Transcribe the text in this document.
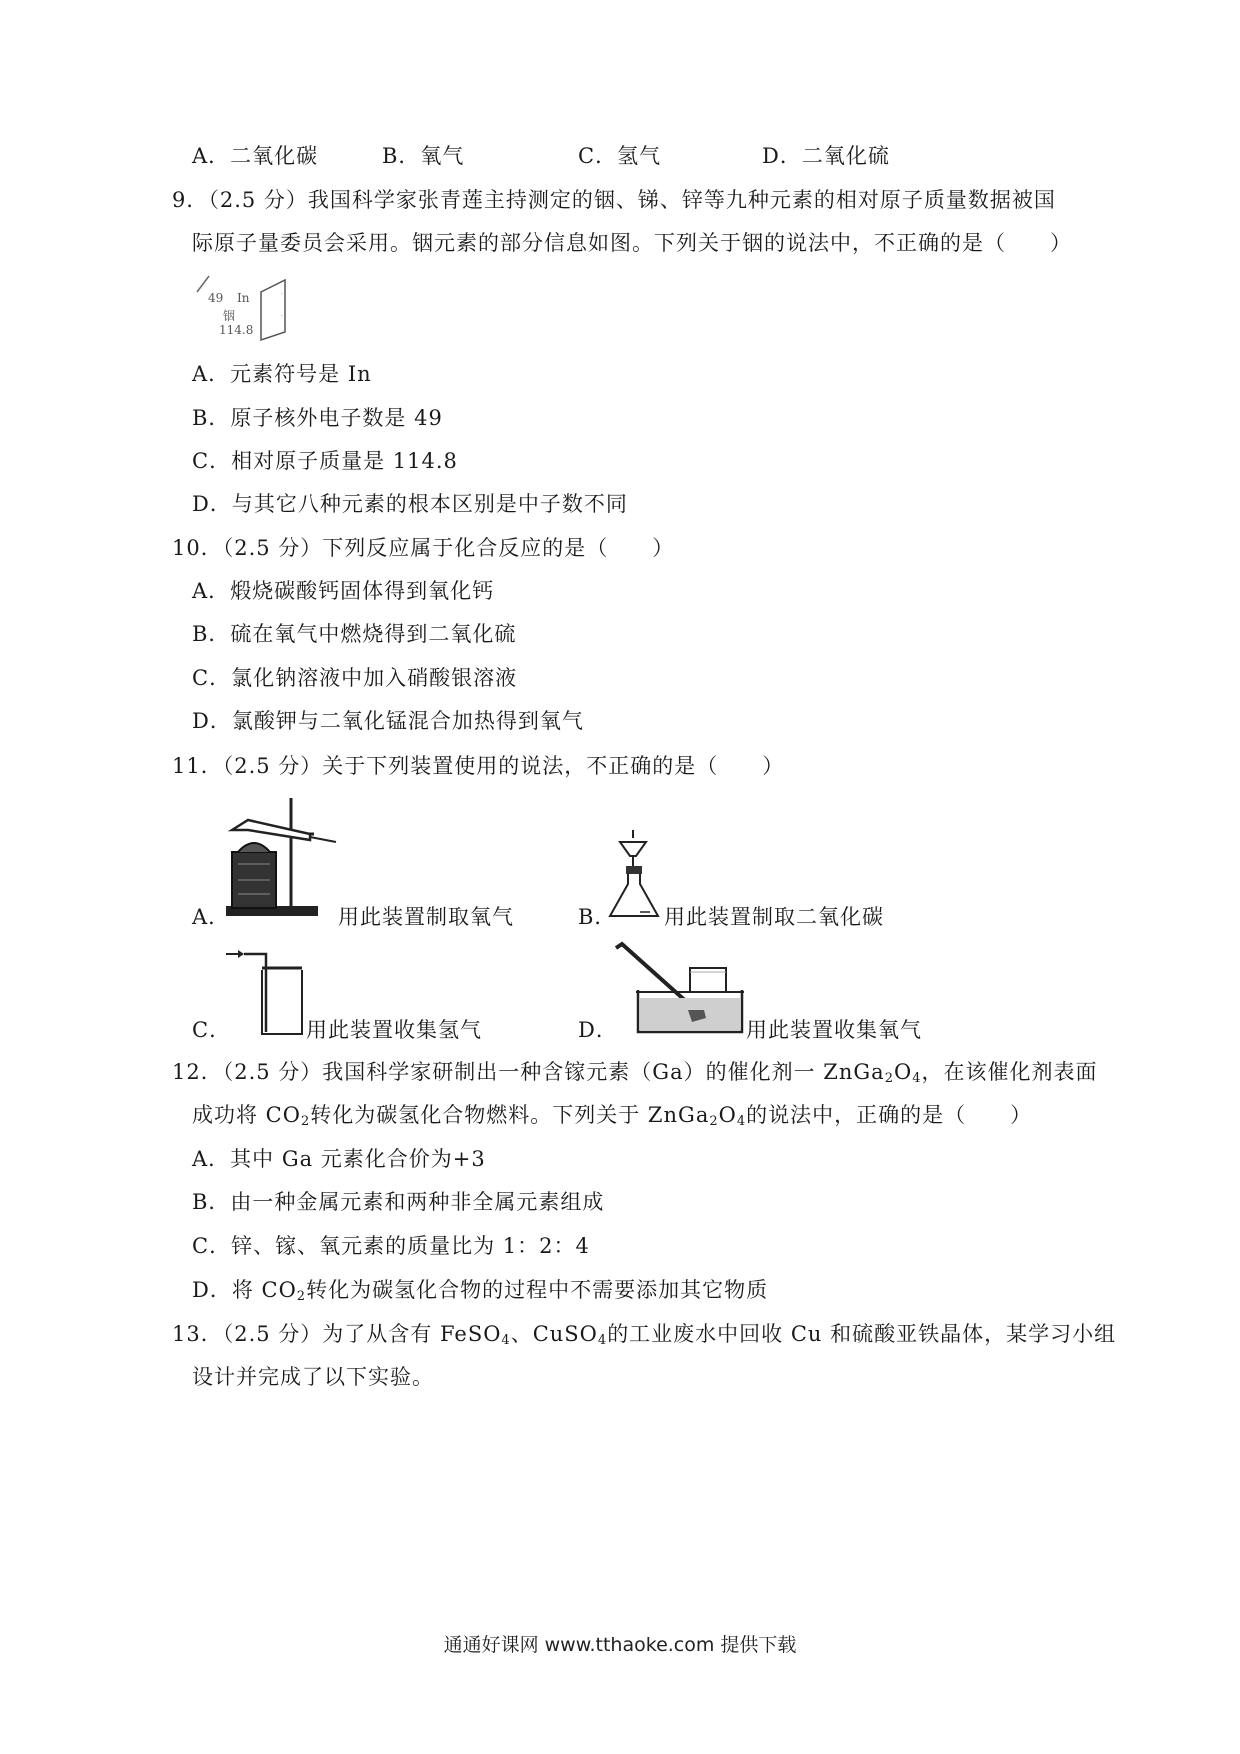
A．二氧化碳	B．氧气	C．氢气	D．二氧化硫
9．（2.5 分）我国科学家张青莲主持测定的铟、锑、锌等九种元素的相对原子质量数据被国
际原子量委员会采用。铟元素的部分信息如图。下列关于铟的说法中，不正确的是（　　）
·
·
49 In
铟
114.8
A．元素符号是 In
B．原子核外电子数是 49
C．相对原子质量是 114.8
D．与其它八种元素的根本区别是中子数不同
10．（2.5 分）下列反应属于化合反应的是（　　）
A．煅烧碳酸钙固体得到氧化钙
B．硫在氧气中燃烧得到二氧化硫
C．氯化钠溶液中加入硝酸银溶液
D．氯酸钾与二氧化锰混合加热得到氧气
11．（2.5 分）关于下列装置使用的说法，不正确的是（　　）
A．	用此装置制取氧气	B． 用此装置制取二氧化碳
C．	用此装置收集氢气	D．	用此装置收集氧气
12．（2.5 分）我国科学家研制出一种含镓元素（Ga）的催化剂一 $ZnGa_2O_4$，在该催化剂表面
成功将 $CO_2$转化为碳氢化合物燃料。下列关于 $ZnGa_2O_4$的说法中，正确的是（　　）
A．其中 Ga 元素化合价为+3
B．由一种金属元素和两种非全属元素组成
C．锌、镓、氧元素的质量比为 1：2：4
D．将 $CO_2$转化为碳氢化合物的过程中不需要添加其它物质
13．（2.5 分）为了从含有 FeSO$_4$、CuSO$_4$的工业废水中回收 Cu 和硫酸亚铁晶体，某学习小组
设计并完成了以下实验。
通通好课网 www.tthaoke.com 提供下载
